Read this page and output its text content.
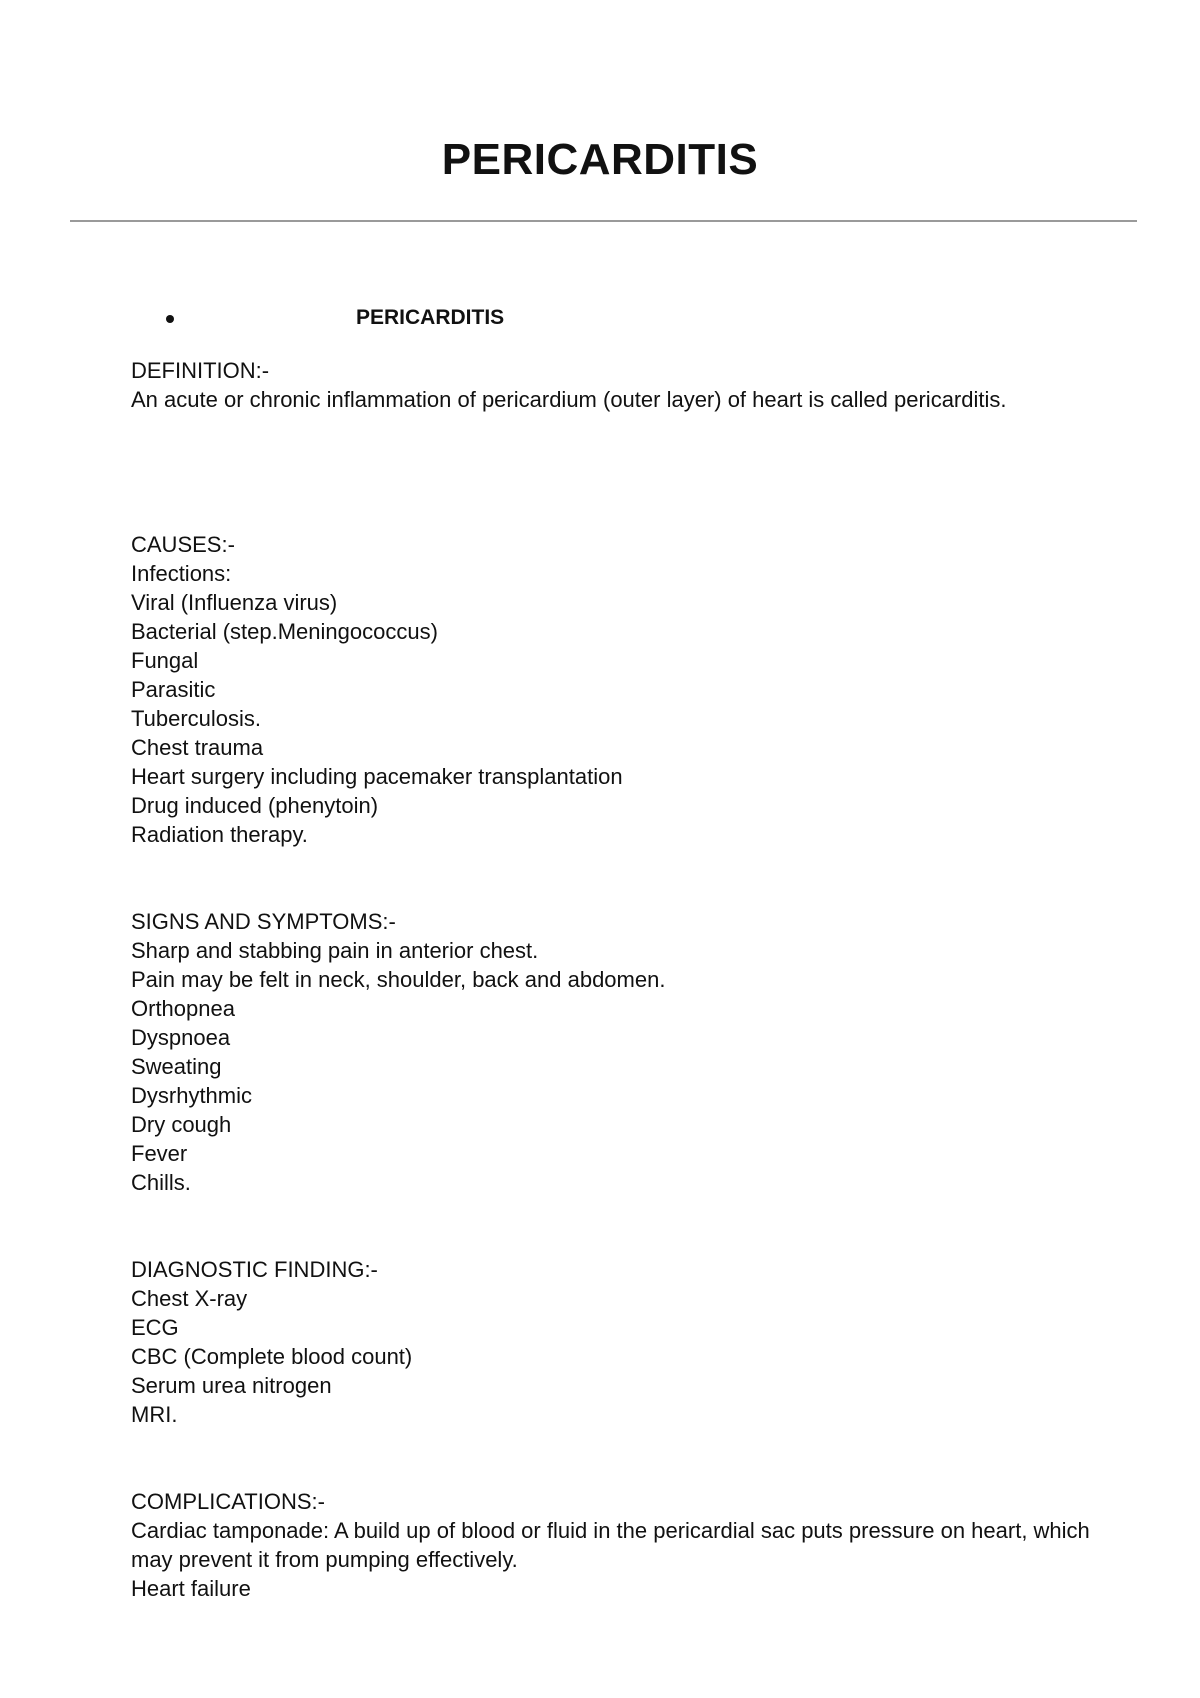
PERICARDITIS
PERICARDITIS

DEFINITION:-

An acute or chronic inflammation of pericardium (outer layer) of heart is called pericarditis.

CAUSES:-

Infections:

Viral (Influenza virus)

Bacterial (step.Meningococcus)

Fungal

Parasitic

Tuberculosis.

Chest trauma

Heart surgery including pacemaker transplantation

Drug induced (phenytoin)

Radiation therapy.

SIGNS AND SYMPTOMS:-

Sharp and stabbing pain in anterior chest.

Pain may be felt in neck, shoulder, back and abdomen.

Orthopnea

Dyspnoea

Sweating

Dysrhythmic

Dry cough

Fever

Chills.

DIAGNOSTIC FINDING:-

Chest X-ray

ECG

CBC (Complete blood count)

Serum urea nitrogen

MRI.

COMPLICATIONS:-

Cardiac tamponade: A build up of blood or fluid in the pericardial sac puts pressure on heart, which may prevent it from pumping effectively.

Heart failure
